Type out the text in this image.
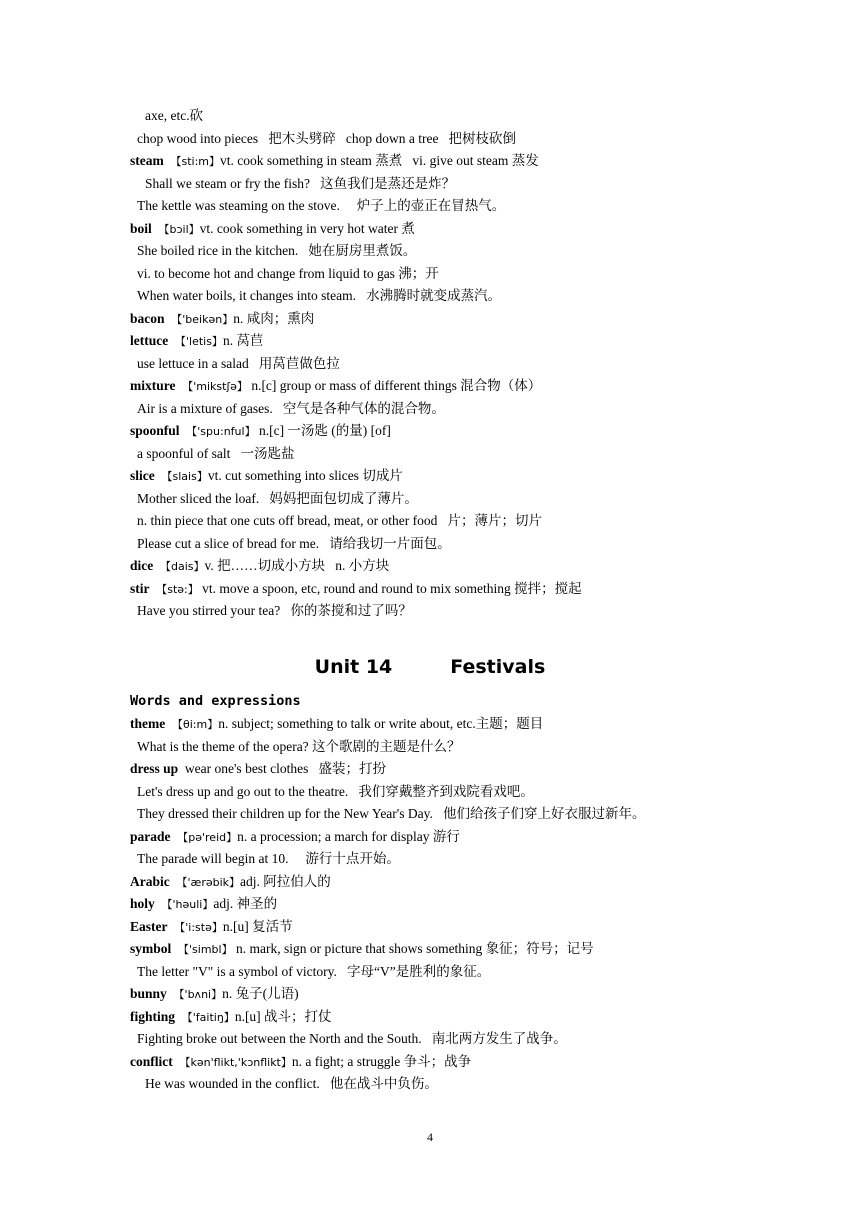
axe, etc.砍
chop wood into pieces   把木头劈碎   chop down a tree   把树枝砍倒
steam 【sti:m】vt. cook something in steam 蒸煮   vi. give out steam 蒸发
Shall we steam or fry the fish?   这鱼我们是蒸还是炸？
The kettle was steaming on the stove.     炉子上的壶正在冒热气。
boil 【bɔil】vt. cook something in very hot water 煮
She boiled rice in the kitchen.   她在厨房里煮饭。
vi. to become hot and change from liquid to gas 沸；开
When water boils, it changes into steam.   水沸腾时就变成蒸汽。
bacon 【'beikən】n. 咸肉；熏肉
lettuce 【'letis】n. 莴苣
use lettuce in a salad   用莴苣做色拉
mixture 【'mikstʃə】 n.[c] group or mass of different things 混合物（体）
Air is a mixture of gases.   空气是各种气体的混合物。
spoonful 【'spu:nful】 n.[c] 一汤匙 (的量) [of]
a spoonful of salt   一汤匙盐
slice 【slais】vt. cut something into slices 切成片
Mother sliced the loaf.   妈妈把面包切成了薄片。
n. thin piece that one cuts off bread, meat, or other food   片；薄片；切片
Please cut a slice of bread for me.   请给我切一片面包。
dice 【dais】v. 把……切成小方块   n. 小方块
stir 【stə:】 vt. move a spoon, etc, round and round to mix something 搅拌；搅起
Have you stirred your tea?   你的茶搅和过了吗？
Unit 14	Festivals
Words and expressions
theme 【θi:m】n. subject; something to talk or write about, etc.主题；题目
What is the theme of the opera? 这个歌剧的主题是什么？
dress up  wear one's best clothes   盛装；打扮
Let's dress up and go out to the theatre.   我们穿戴整齐到戏院看戏吧。
They dressed their children up for the New Year's Day.   他们给孩子们穿上好衣服过新年。
parade 【pə'reid】n. a procession; a march for display 游行
The parade will begin at 10.     游行十点开始。
Arabic 【'ærəbik】adj. 阿拉伯人的
holy 【'həuli】adj. 神圣的
Easter 【'i:stə】n.[u] 复活节
symbol 【'simbl】 n. mark, sign or picture that shows something 象征；符号；记号
The letter "V" is a symbol of victory.   字母“V”是胜利的象征。
bunny 【'bʌni】n. 兔子(儿语)
fighting 【'faitiŋ】n.[u] 战斗；打仗
Fighting broke out between the North and the South.   南北两方发生了战争。
conflict 【kən'flikt,'kɔnflikt】n. a fight; a struggle 争斗；战争
He was wounded in the conflict.   他在战斗中负伤。
4
